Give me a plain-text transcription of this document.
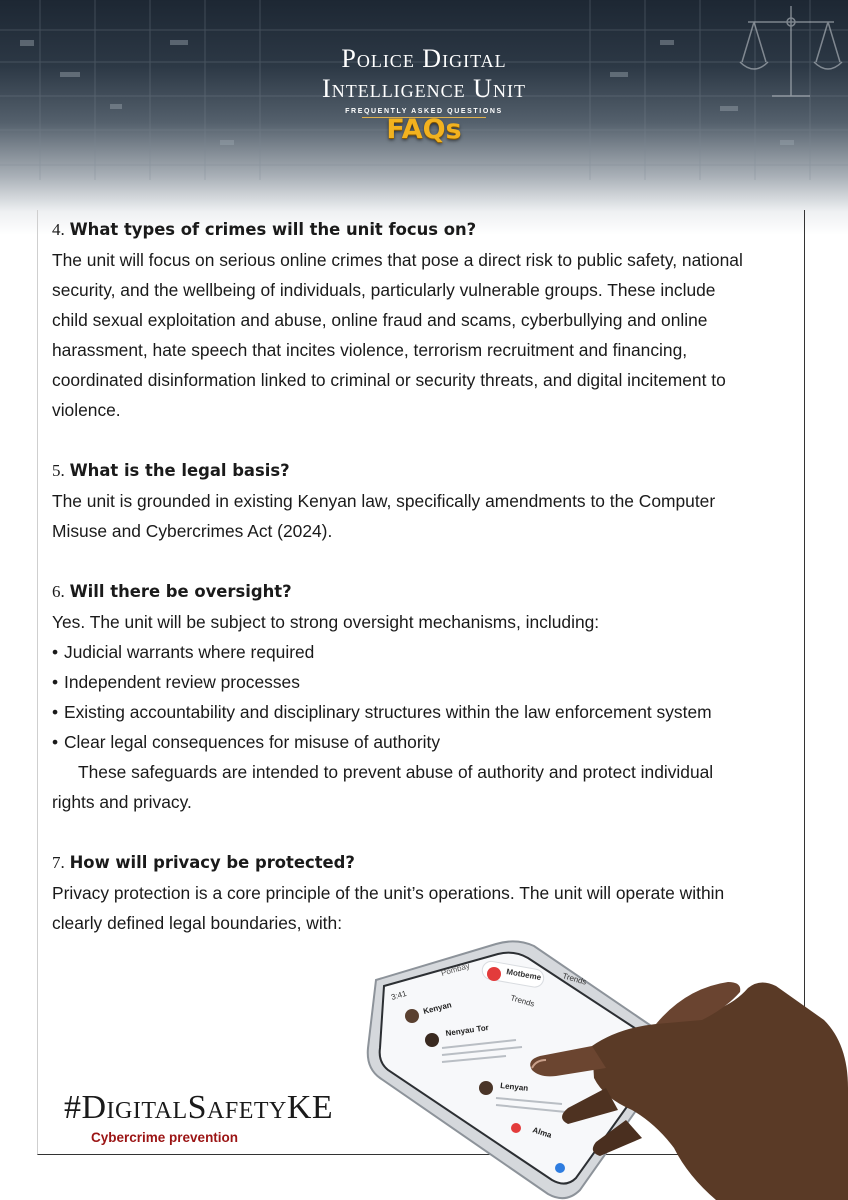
Police Digital
Intelligence Unit
FREQUENTLY ASKED QUESTIONS
FAQs

4. What types of crimes will the unit focus on?

The unit will focus on serious online crimes that pose a direct risk to public safety, national

security, and the wellbeing of individuals, particularly vulnerable groups. These include

child sexual exploitation and abuse, online fraud and scams, cyberbullying and online

harassment, hate speech that incites violence, terrorism recruitment and financing,

coordinated disinformation linked to criminal or security threats, and digital incitement to

violence.

5. What is the legal basis?

The unit is grounded in existing Kenyan law, specifically amendments to the Computer

Misuse and Cybercrimes Act (2024).

6. Will there be oversight?

Yes. The unit will be subject to strong oversight mechanisms, including:

• Judicial warrants where required

• Independent review processes

• Existing accountability and disciplinary structures within the law enforcement system

• Clear legal consequences for misuse of authority

These safeguards are intended to prevent abuse of authority and protect individual

rights and privacy.

7. How will privacy be protected?

Privacy protection is a core principle of the unit’s operations. The unit will operate within

clearly defined legal boundaries, with:

3:41
Pombay	Motbeme Trends
Trends
Kenyan
Nenyau Tor
Lenyan
Alma
#DigitalSafetyKE
Cybercrime prevention
